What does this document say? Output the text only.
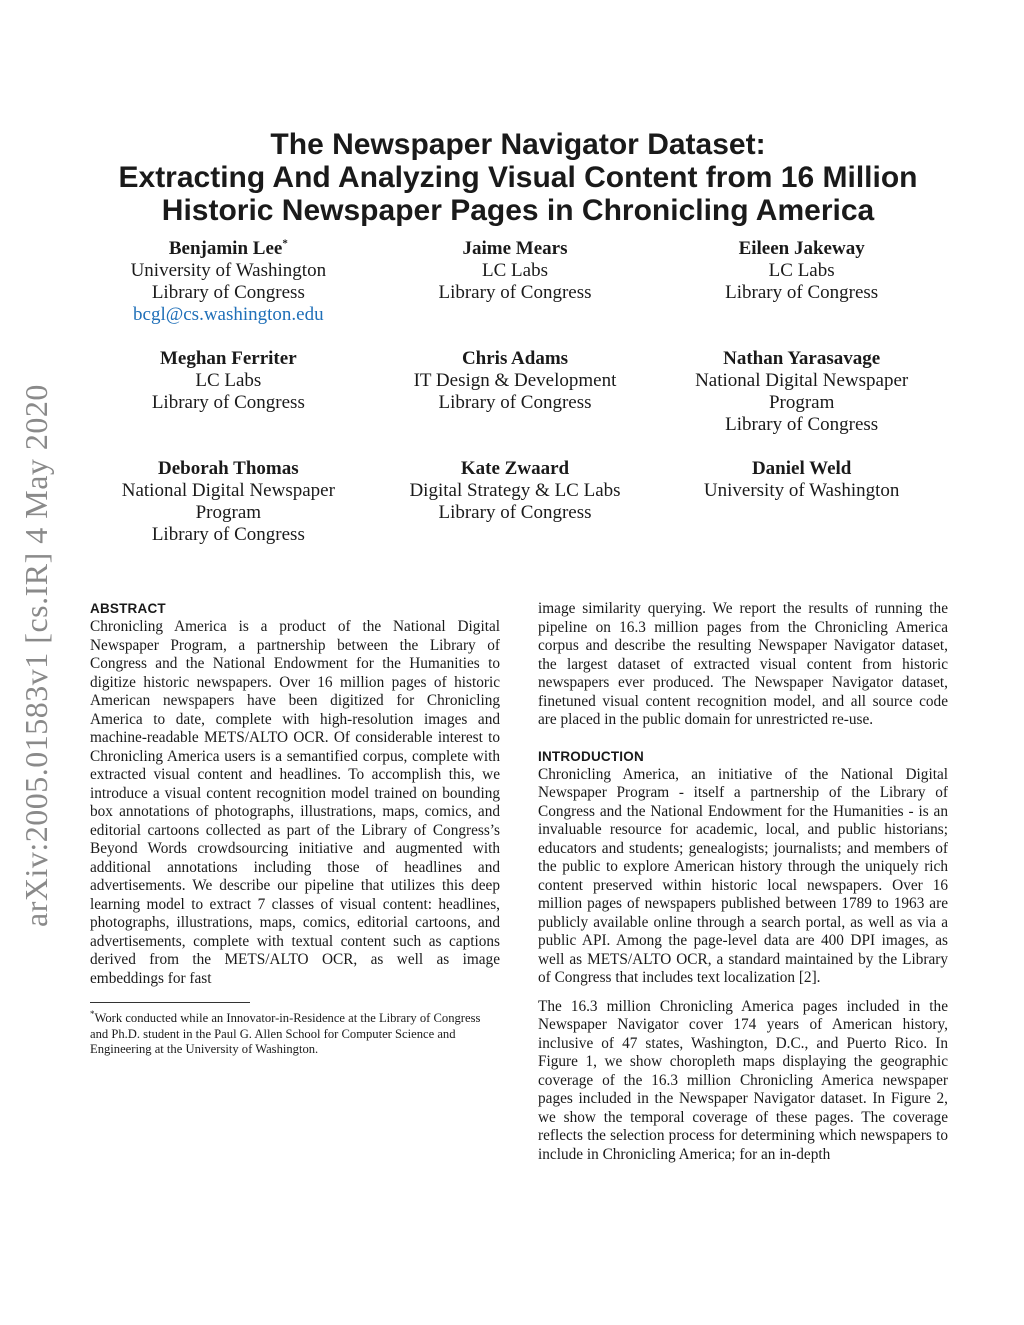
arXiv:2005.01583v1 [cs.IR] 4 May 2020
The Newspaper Navigator Dataset:
Extracting And Analyzing Visual Content from 16 Million
Historic Newspaper Pages in Chronicling America
Benjamin Lee*
University of Washington
Library of Congress
bcgl@cs.washington.edu
Jaime Mears
LC Labs
Library of Congress
Eileen Jakeway
LC Labs
Library of Congress
Meghan Ferriter
LC Labs
Library of Congress
Chris Adams
IT Design & Development
Library of Congress
Nathan Yarasavage
National Digital Newspaper
Program
Library of Congress
Deborah Thomas
National Digital Newspaper
Program
Library of Congress
Kate Zwaard
Digital Strategy & LC Labs
Library of Congress
Daniel Weld
University of Washington
ABSTRACT

Chronicling America is a product of the National Digital Newspaper Program, a partnership between the Library of Congress and the National Endowment for the Humanities to digitize historic newspapers. Over 16 million pages of historic American newspapers have been digitized for Chronicling America to date, complete with high-resolution images and machine-readable METS/ALTO OCR. Of considerable interest to Chronicling America users is a semantified corpus, complete with extracted visual content and headlines. To accomplish this, we introduce a visual content recognition model trained on bounding box annotations of photographs, illustrations, maps, comics, and editorial cartoons collected as part of the Library of Congress’s Beyond Words crowdsourcing initiative and augmented with additional annotations including those of headlines and advertisements. We describe our pipeline that utilizes this deep learning model to extract 7 classes of visual content: headlines, photographs, illustrations, maps, comics, editorial cartoons, and advertisements, complete with textual content such as captions derived from the METS/ALTO OCR, as well as image embeddings for fast

*Work conducted while an Innovator-in-Residence at the Library of Congress and Ph.D. student in the Paul G. Allen School for Computer Science and Engineering at the University of Washington.

image similarity querying. We report the results of running the pipeline on 16.3 million pages from the Chronicling America corpus and describe the resulting Newspaper Navigator dataset, the largest dataset of extracted visual content from historic newspapers ever produced. The Newspaper Navigator dataset, finetuned visual content recognition model, and all source code are placed in the public domain for unrestricted re-use.

INTRODUCTION

Chronicling America, an initiative of the National Digital Newspaper Program - itself a partnership of the Library of Congress and the National Endowment for the Humanities - is an invaluable resource for academic, local, and public historians; educators and students; genealogists; journalists; and members of the public to explore American history through the uniquely rich content preserved within historic local newspapers. Over 16 million pages of newspapers published between 1789 to 1963 are publicly available online through a search portal, as well as via a public API. Among the page-level data are 400 DPI images, as well as METS/ALTO OCR, a standard maintained by the Library of Congress that includes text localization [2].

The 16.3 million Chronicling America pages included in the Newspaper Navigator cover 174 years of American history, inclusive of 47 states, Washington, D.C., and Puerto Rico. In Figure 1, we show choropleth maps displaying the geographic coverage of the 16.3 million Chronicling America newspaper pages included in the Newspaper Navigator dataset. In Figure 2, we show the temporal coverage of these pages. The coverage reflects the selection process for determining which newspapers to include in Chronicling America; for an in-depth
